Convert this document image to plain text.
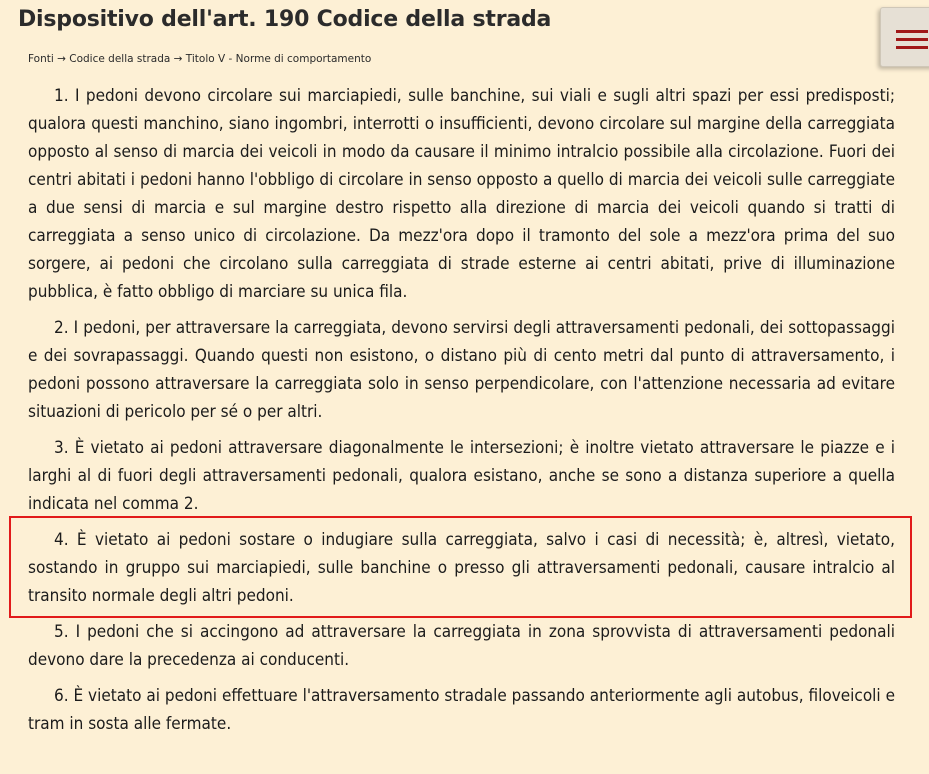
Dispositivo dell'art. 190 Codice della strada
Fonti → Codice della strada → Titolo V - Norme di comportamento

1. I pedoni devono circolare sui marciapiedi, sulle banchine, sui viali e sugli altri spazi per essi predisposti; qualora questi manchino, siano ingombri, interrotti o insufficienti, devono circolare sul margine della carreggiata opposto al senso di marcia dei veicoli in modo da causare il minimo intralcio possibile alla circolazione. Fuori dei centri abitati i pedoni hanno l'obbligo di circolare in senso opposto a quello di marcia dei veicoli sulle carreggiate a due sensi di marcia e sul margine destro rispetto alla direzione di marcia dei veicoli quando si tratti di carreggiata a senso unico di circolazione. Da mezz'ora dopo il tramonto del sole a mezz'ora prima del suo sorgere, ai pedoni che circolano sulla carreggiata di strade esterne ai centri abitati, prive di illuminazione pubblica, è fatto obbligo di marciare su unica fila.

2. I pedoni, per attraversare la carreggiata, devono servirsi degli attraversamenti pedonali, dei sottopassaggi e dei sovrapassaggi. Quando questi non esistono, o distano più di cento metri dal punto di attraversamento, i pedoni possono attraversare la carreggiata solo in senso perpendicolare, con l'attenzione necessaria ad evitare situazioni di pericolo per sé o per altri.

3. È vietato ai pedoni attraversare diagonalmente le intersezioni; è inoltre vietato attraversare le piazze e i larghi al di fuori degli attraversamenti pedonali, qualora esistano, anche se sono a distanza superiore a quella indicata nel comma 2.

4. È vietato ai pedoni sostare o indugiare sulla carreggiata, salvo i casi di necessità; è, altresì, vietato, sostando in gruppo sui marciapiedi, sulle banchine o presso gli attraversamenti pedonali, causare intralcio al transito normale degli altri pedoni.

5. I pedoni che si accingono ad attraversare la carreggiata in zona sprovvista di attraversamenti pedonali devono dare la precedenza ai conducenti.

6. È vietato ai pedoni effettuare l'attraversamento stradale passando anteriormente agli autobus, filoveicoli e tram in sosta alle fermate.
